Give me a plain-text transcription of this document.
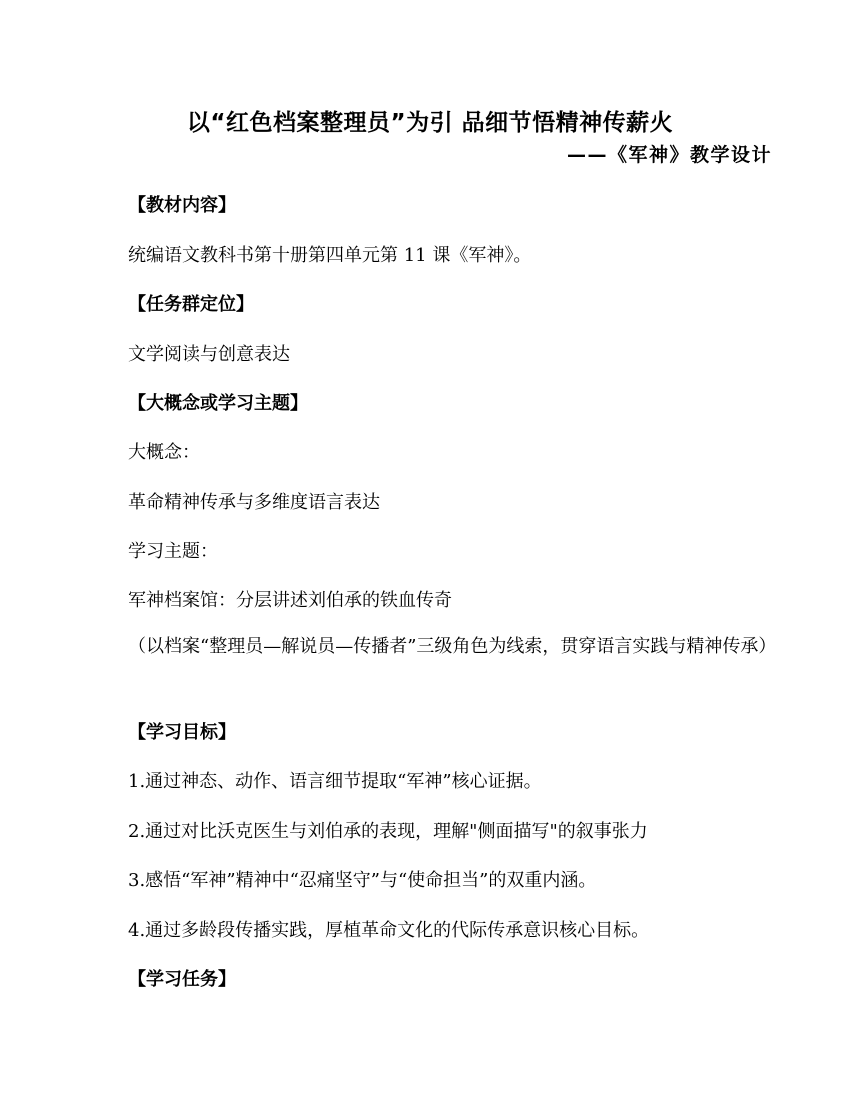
以“红色档案整理员”为引 品细节悟精神传薪火
——《军神》教学设计
【教材内容】
统编语文教科书第十册第四单元第 11 课《军神》。
【任务群定位】
文学阅读与创意表达
【大概念或学习主题】
大概念：
革命精神传承与多维度语言表达
学习主题：
军神档案馆：分层讲述刘伯承的铁血传奇
（以档案“整理员—解说员—传播者”三级角色为线索，贯穿语言实践与精神传承）
【学习目标】
1.通过神态、动作、语言细节提取“军神”核心证据。
2.通过对比沃克医生与刘伯承的表现，理解"侧面描写"的叙事张力
3.感悟“军神”精神中“忍痛坚守”与“使命担当”的双重内涵。
4.通过多龄段传播实践，厚植革命文化的代际传承意识核心目标。
【学习任务】
